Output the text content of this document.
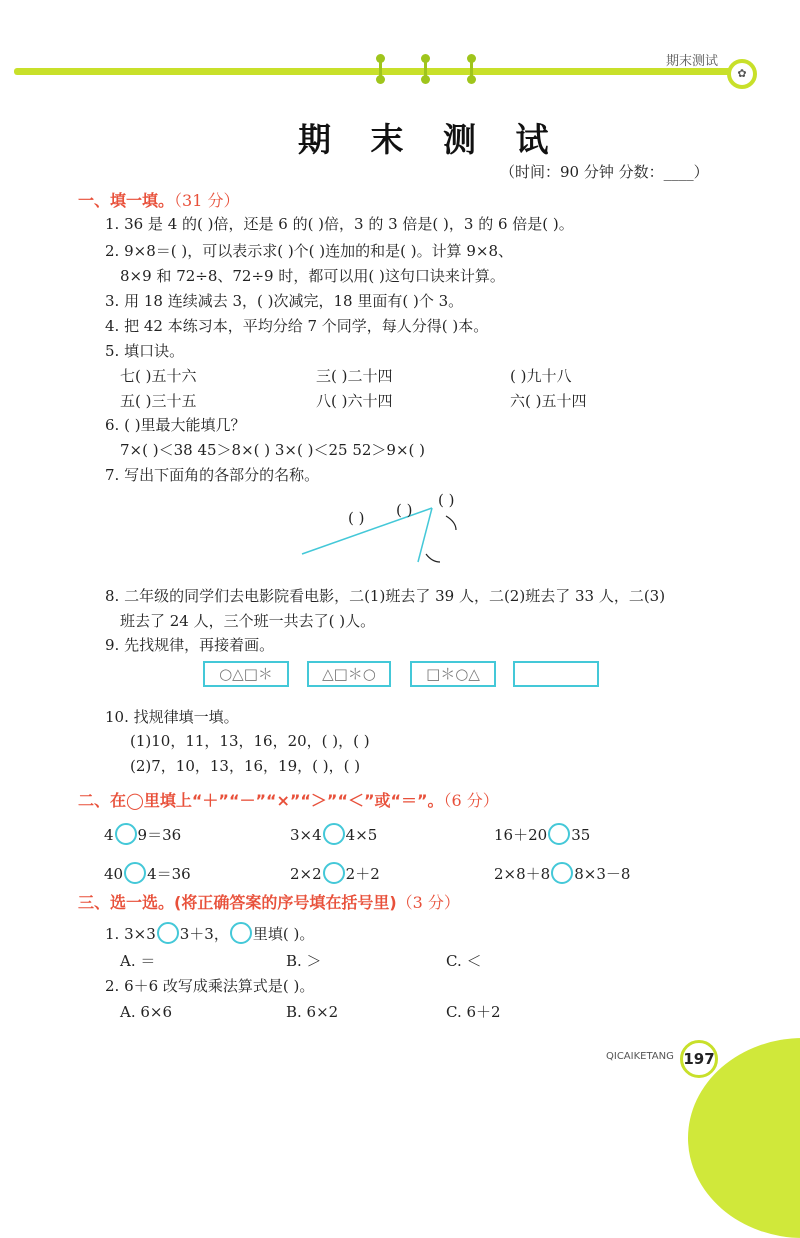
期末测试
✿
期 末 测 试
（时间：90 分钟 分数：____）
一、填一填。（31 分）
1. 36 是 4 的( )倍，还是 6 的( )倍，3 的 3 倍是( )，3 的 6 倍是( )。
2. 9×8＝( )，可以表示求( )个( )连加的和是( )。计算 9×8、
8×9 和 72÷8、72÷9 时，都可以用( )这句口诀来计算。
3. 用 18 连续减去 3，( )次减完，18 里面有( )个 3。
4. 把 42 本练习本，平均分给 7 个同学，每人分得( )本。
5. 填口诀。
七( )五十六	三( )二十四	( )九十八
五( )三十五	八( )六十四	六( )五十四
6. ( )里最大能填几？
7×( )＜38 45＞8×( ) 3×( )＜25 52＞9×( )
7. 写出下面角的各部分的名称。
( )
( )
( )
8. 二年级的同学们去电影院看电影，二(1)班去了 39 人，二(2)班去了 33 人，二(3)
班去了 24 人，三个班一共去了( )人。
9. 先找规律，再接着画。
○△□＊	△□＊○	□＊○△
10. 找规律填一填。
(1)10，11，13，16，20，( )，( )
(2)7，10，13，16，19，( )，( )
二、在◯里填上“＋”“－”“×”“＞”“＜”或“＝”。（6 分）
4 9＝36	3×4 4×5	16＋20 35
40 4＝36	2×2 2＋2	2×8＋8 8×3－8
三、选一选。(将正确答案的序号填在括号里)（3 分）
1. 3×3 3＋3， 里填( )。
A. ＝	B. ＞	C. ＜
2. 6＋6 改写成乘法算式是( )。
A. 6×6	B. 6×2	C. 6＋2
QICAIKETANG 197
